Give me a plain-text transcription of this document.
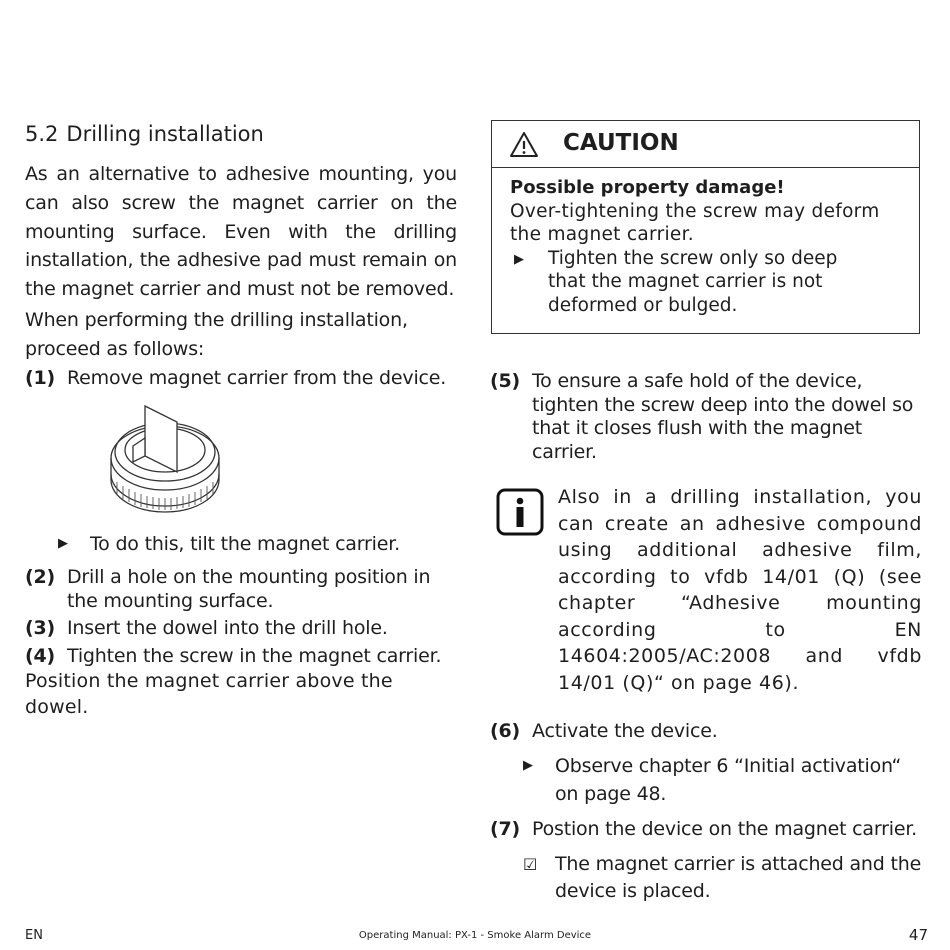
5.2 Drilling installation

As an alternative to adhesive mounting, you can also screw the magnet carrier on the mounting surface. Even with the drilling installation, the adhesive pad must remain on the magnet carrier and must not be removed.

When performing the drilling installation, proceed as follows:

(1) Remove magnet carrier from the device.
▶ To do this, tilt the magnet carrier.
(2) Drill a hole on the mounting position in the mounting surface.
(3) Insert the dowel into the drill hole.
(4) Tighten the screw in the magnet carrier.

Position the magnet carrier above the dowel.

CAUTION
Possible property damage!
Over-tightening the screw may deform the magnet carrier.
▶ Tighten the screw only so deep that the magnet carrier is not deformed or bulged.
(5) To ensure a safe hold of the device, tighten the screw deep into the dowel so that it closes flush with the magnet carrier.
Also in a drilling installation, you can create an adhesive compound using additional adhesive film, according to vfdb 14/01 (Q) (see chapter “Adhesive mounting according to EN 14604:2005/AC:2008 and vfdb 14/01 (Q)“ on page 46).
(6) Activate the device.
▶ Observe chapter 6 “Initial activation“ on page 48.
(7) Postion the device on the magnet carrier.
☑ The magnet carrier is attached and the device is placed.
EN	Operating Manual: PX-1 - Smoke Alarm Device	47
